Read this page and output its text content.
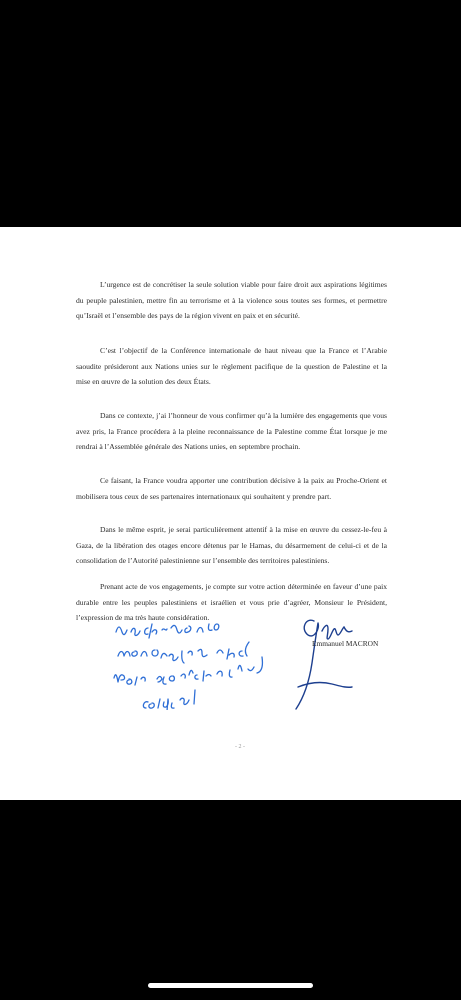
L’urgence est de concrétiser la seule solution viable pour faire droit aux aspirations légitimes du peuple palestinien, mettre fin au terrorisme et à la violence sous toutes ses formes, et permettre qu’Israël et l’ensemble des pays de la région vivent en paix et en sécurité.

C’est l’objectif de la Conférence internationale de haut niveau que la France et l’Arabie saoudite présideront aux Nations unies sur le règlement pacifique de la question de Palestine et la mise en œuvre de la solution des deux États.

Dans ce contexte, j’ai l’honneur de vous confirmer qu’à la lumière des engagements que vous avez pris, la France procédera à la pleine reconnaissance de la Palestine comme État lorsque je me rendrai à l’Assemblée générale des Nations unies, en septembre prochain.

Ce faisant, la France voudra apporter une contribution décisive à la paix au Proche-Orient et mobilisera tous ceux de ses partenaires internationaux qui souhaitent y prendre part.

Dans le même esprit, je serai particulièrement attentif à la mise en œuvre du cessez-le-feu à Gaza, de la libération des otages encore détenus par le Hamas, du désarmement de celui-ci et de la consolidation de l’Autorité palestinienne sur l’ensemble des territoires palestiniens.

Prenant acte de vos engagements, je compte sur votre action déterminée en faveur d’une paix durable entre les peuples palestiniens et israélien et vous prie d’agréer, Monsieur le Président, l’expression de ma très haute considération.

Emmanuel MACRON
- 2 -
